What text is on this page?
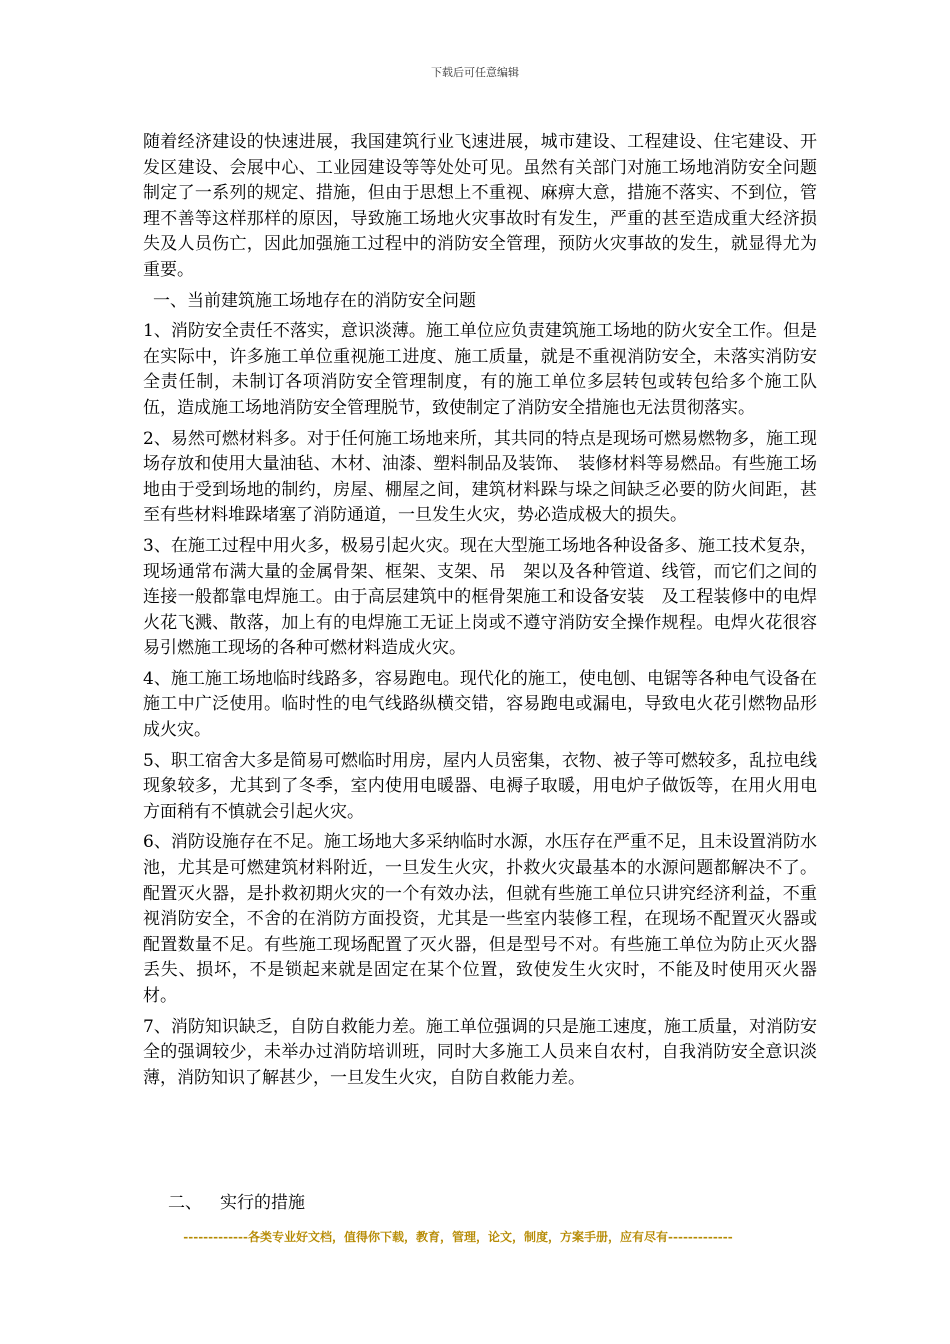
下载后可任意编辑

随着经济建设的快速进展，我国建筑行业飞速进展，城市建设、工程建设、住宅建设、开发区建设、会展中心、工业园建设等等处处可见。虽然有关部门对施工场地消防安全问题制定了一系列的规定、措施，但由于思想上不重视、麻痹大意，措施不落实、不到位，管理不善等这样那样的原因，导致施工场地火灾事故时有发生，严重的甚至造成重大经济损失及人员伤亡，因此加强施工过程中的消防安全管理，预防火灾事故的发生，就显得尤为重要。

一、当前建筑施工场地存在的消防安全问题

1、消防安全责任不落实，意识淡薄。施工单位应负责建筑施工场地的防火安全工作。但是在实际中，许多施工单位重视施工进度、施工质量，就是不重视消防安全，未落实消防安全责任制，未制订各项消防安全管理制度，有的施工单位多层转包或转包给多个施工队伍，造成施工场地消防安全管理脱节，致使制定了消防安全措施也无法贯彻落实。

2、易然可燃材料多。对于任何施工场地来所，其共同的特点是现场可燃易燃物多，施工现场存放和使用大量油毡、木材、油漆、塑料制品及装饰、　装修材料等易燃品。有些施工场地由于受到场地的制约，房屋、棚屋之间，建筑材料跺与垛之间缺乏必要的防火间距，甚至有些材料堆跺堵塞了消防通道，一旦发生火灾，势必造成极大的损失。

3、在施工过程中用火多，极易引起火灾。现在大型施工场地各种设备多、施工技术复杂，现场通常布满大量的金属骨架、框架、支架、吊　架以及各种管道、线管，而它们之间的连接一般都靠电焊施工。由于高层建筑中的框骨架施工和设备安装　及工程装修中的电焊火花飞溅、散落，加上有的电焊施工无证上岗或不遵守消防安全操作规程。电焊火花很容易引燃施工现场的各种可燃材料造成火灾。

4、施工施工场地临时线路多，容易跑电。现代化的施工，使电刨、电锯等各种电气设备在施工中广泛使用。临时性的电气线路纵横交错，容易跑电或漏电，导致电火花引燃物品形成火灾。

5、职工宿舍大多是简易可燃临时用房，屋内人员密集，衣物、被子等可燃较多，乱拉电线现象较多，尤其到了冬季，室内使用电暖器、电褥子取暖，用电炉子做饭等，在用火用电方面稍有不慎就会引起火灾。

6、消防设施存在不足。施工场地大多采纳临时水源，水压存在严重不足，且未设置消防水池，尤其是可燃建筑材料附近，一旦发生火灾，扑救火灾最基本的水源问题都解决不了。配置灭火器，是扑救初期火灾的一个有效办法，但就有些施工单位只讲究经济利益，不重视消防安全，不舍的在消防方面投资，尤其是一些室内装修工程，在现场不配置灭火器或配置数量不足。有些施工现场配置了灭火器，但是型号不对。有些施工单位为防止灭火器丢失、损坏，不是锁起来就是固定在某个位置，致使发生火灾时，不能及时使用灭火器材。

7、消防知识缺乏，自防自救能力差。施工单位强调的只是施工速度，施工质量，对消防安全的强调较少，未举办过消防培训班，同时大多施工人员来自农村，自我消防安全意识淡薄，消防知识了解甚少，一旦发生火灾，自防自救能力差。

二、 实行的措施
-------------各类专业好文档，值得你下载，教育，管理，论文，制度，方案手册，应有尽有-------------
